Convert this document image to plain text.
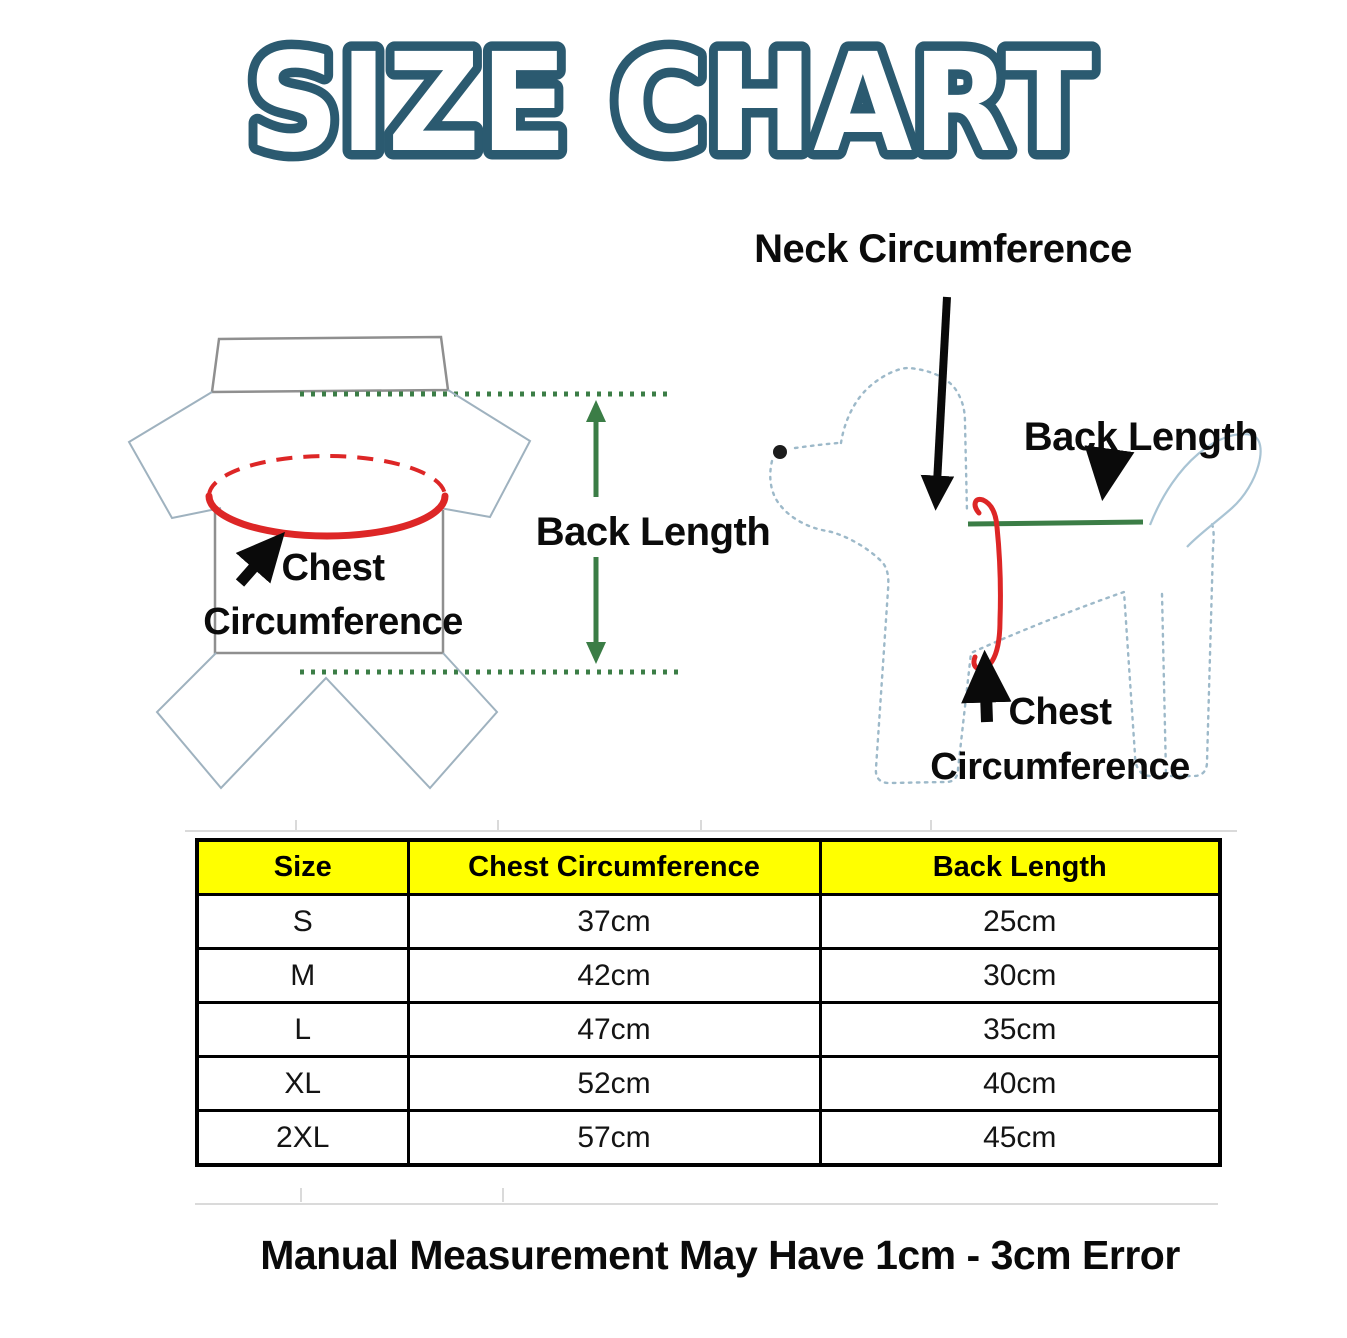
SIZE CHART
Neck Circumference
Back Length
Back Length
Chest
Circumference
Chest
Circumference
Size	Chest Circumference	Back Length
S	37cm	25cm
M	42cm	30cm
L	47cm	35cm
XL	52cm	40cm
2XL	57cm	45cm
Manual Measurement May Have 1cm - 3cm Error
